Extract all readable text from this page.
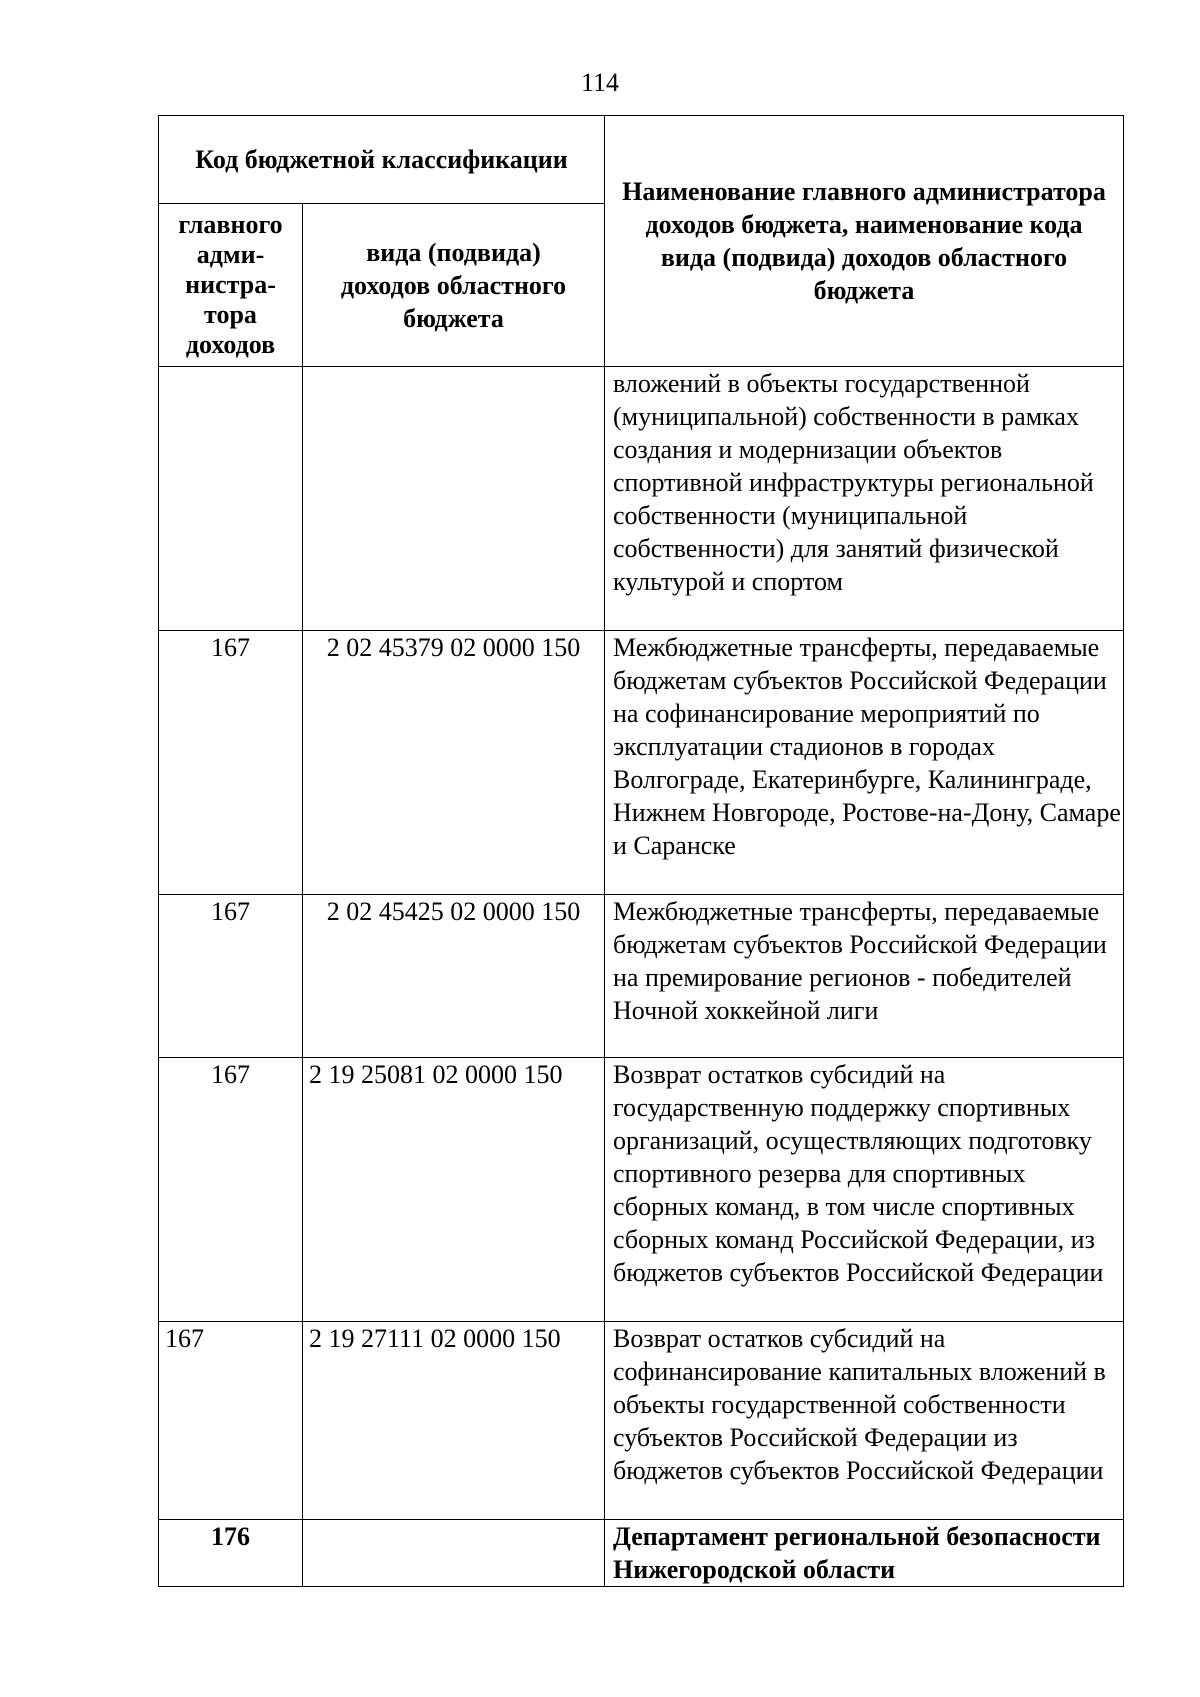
114
Код бюджетной классификации		Наименование главного администратора доходов бюджета, наименование кода вида (подвида) доходов областного бюджета

главного
адми-
нистра-
тора
доходов	вида (подвида) доходов областного бюджета	
		вложений в объекты государственной (муниципальной) собственности в рамках создания и модернизации объектов спортивной инфраструктуры региональной собственности (муниципальной собственности) для занятий физической культурой и спортом
167	2 02 45379 02 0000 150	Межбюджетные трансферты, передаваемые бюджетам субъектов Российской Федерации на софинансирование мероприятий по эксплуатации стадионов в городах Волгограде, Екатеринбурге, Калининграде, Нижнем Новгороде, Ростове-на-Дону, Самаре и Саранске
167	2 02 45425 02 0000 150	Межбюджетные трансферты, передаваемые бюджетам субъектов Российской Федерации на премирование регионов - победителей Ночной хоккейной лиги
167	2 19 25081 02 0000 150	Возврат остатков субсидий на государственную поддержку спортивных организаций, осуществляющих подготовку спортивного резерва для спортивных сборных команд, в том числе спортивных сборных команд Российской Федерации, из бюджетов субъектов Российской Федерации
167	2 19 27111 02 0000 150	Возврат остатков субсидий на софинансирование капитальных вложений в объекты государственной собственности субъектов Российской Федерации из бюджетов субъектов Российской Федерации
176		Департамент региональной безопасности Нижегородской области
